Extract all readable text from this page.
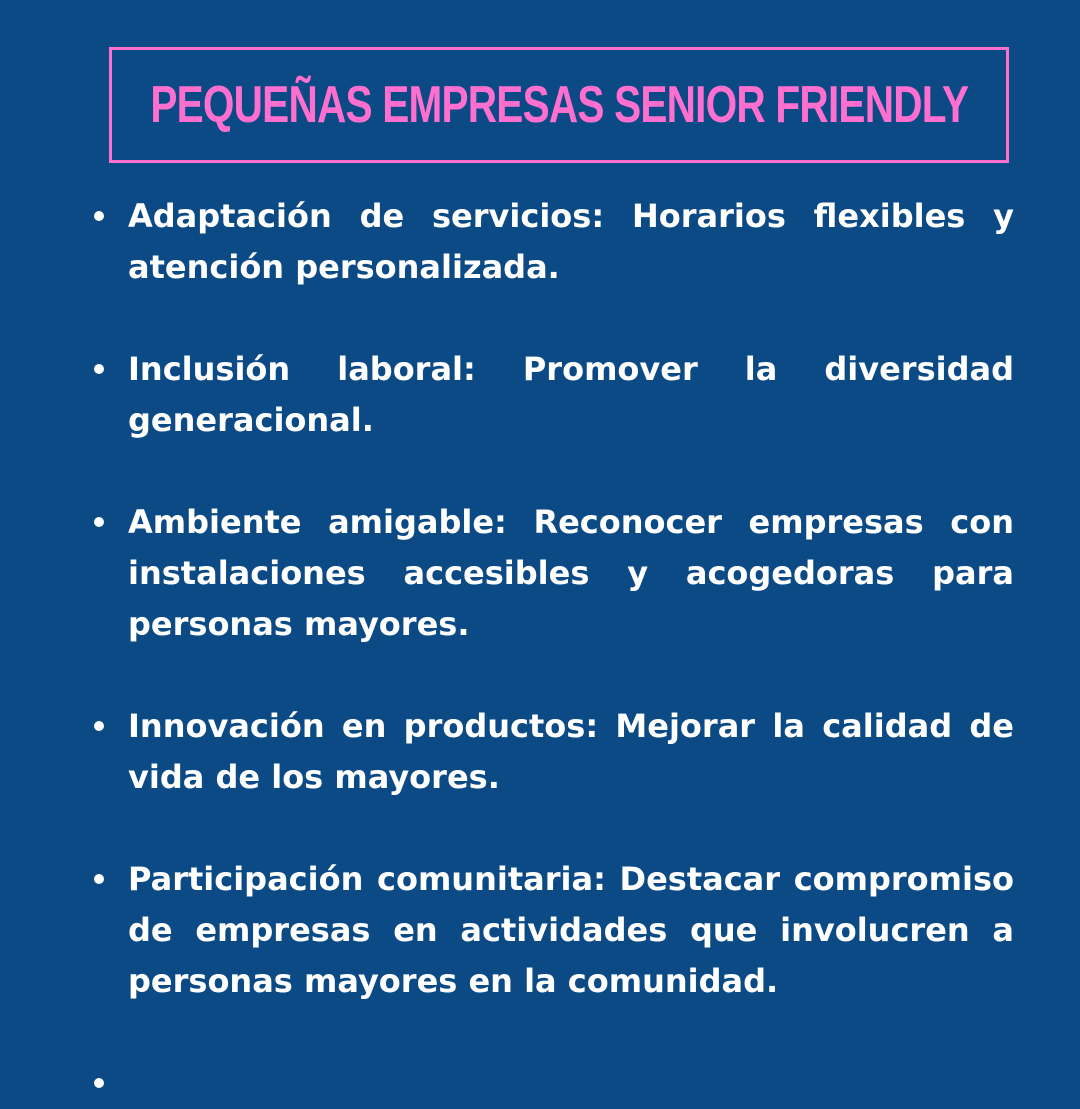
PEQUEÑAS EMPRESAS SENIOR FRIENDLY
Adaptación de servicios: Horarios flexibles y atención personalizada.
Inclusión laboral: Promover la diversidad generacional.
Ambiente amigable: Reconocer empresas con instalaciones accesibles y acogedoras para personas mayores.
Innovación en productos: Mejorar la calidad de vida de los mayores.
Participación comunitaria: Destacar compromiso de empresas en actividades que involucren a personas mayores en la comunidad.
